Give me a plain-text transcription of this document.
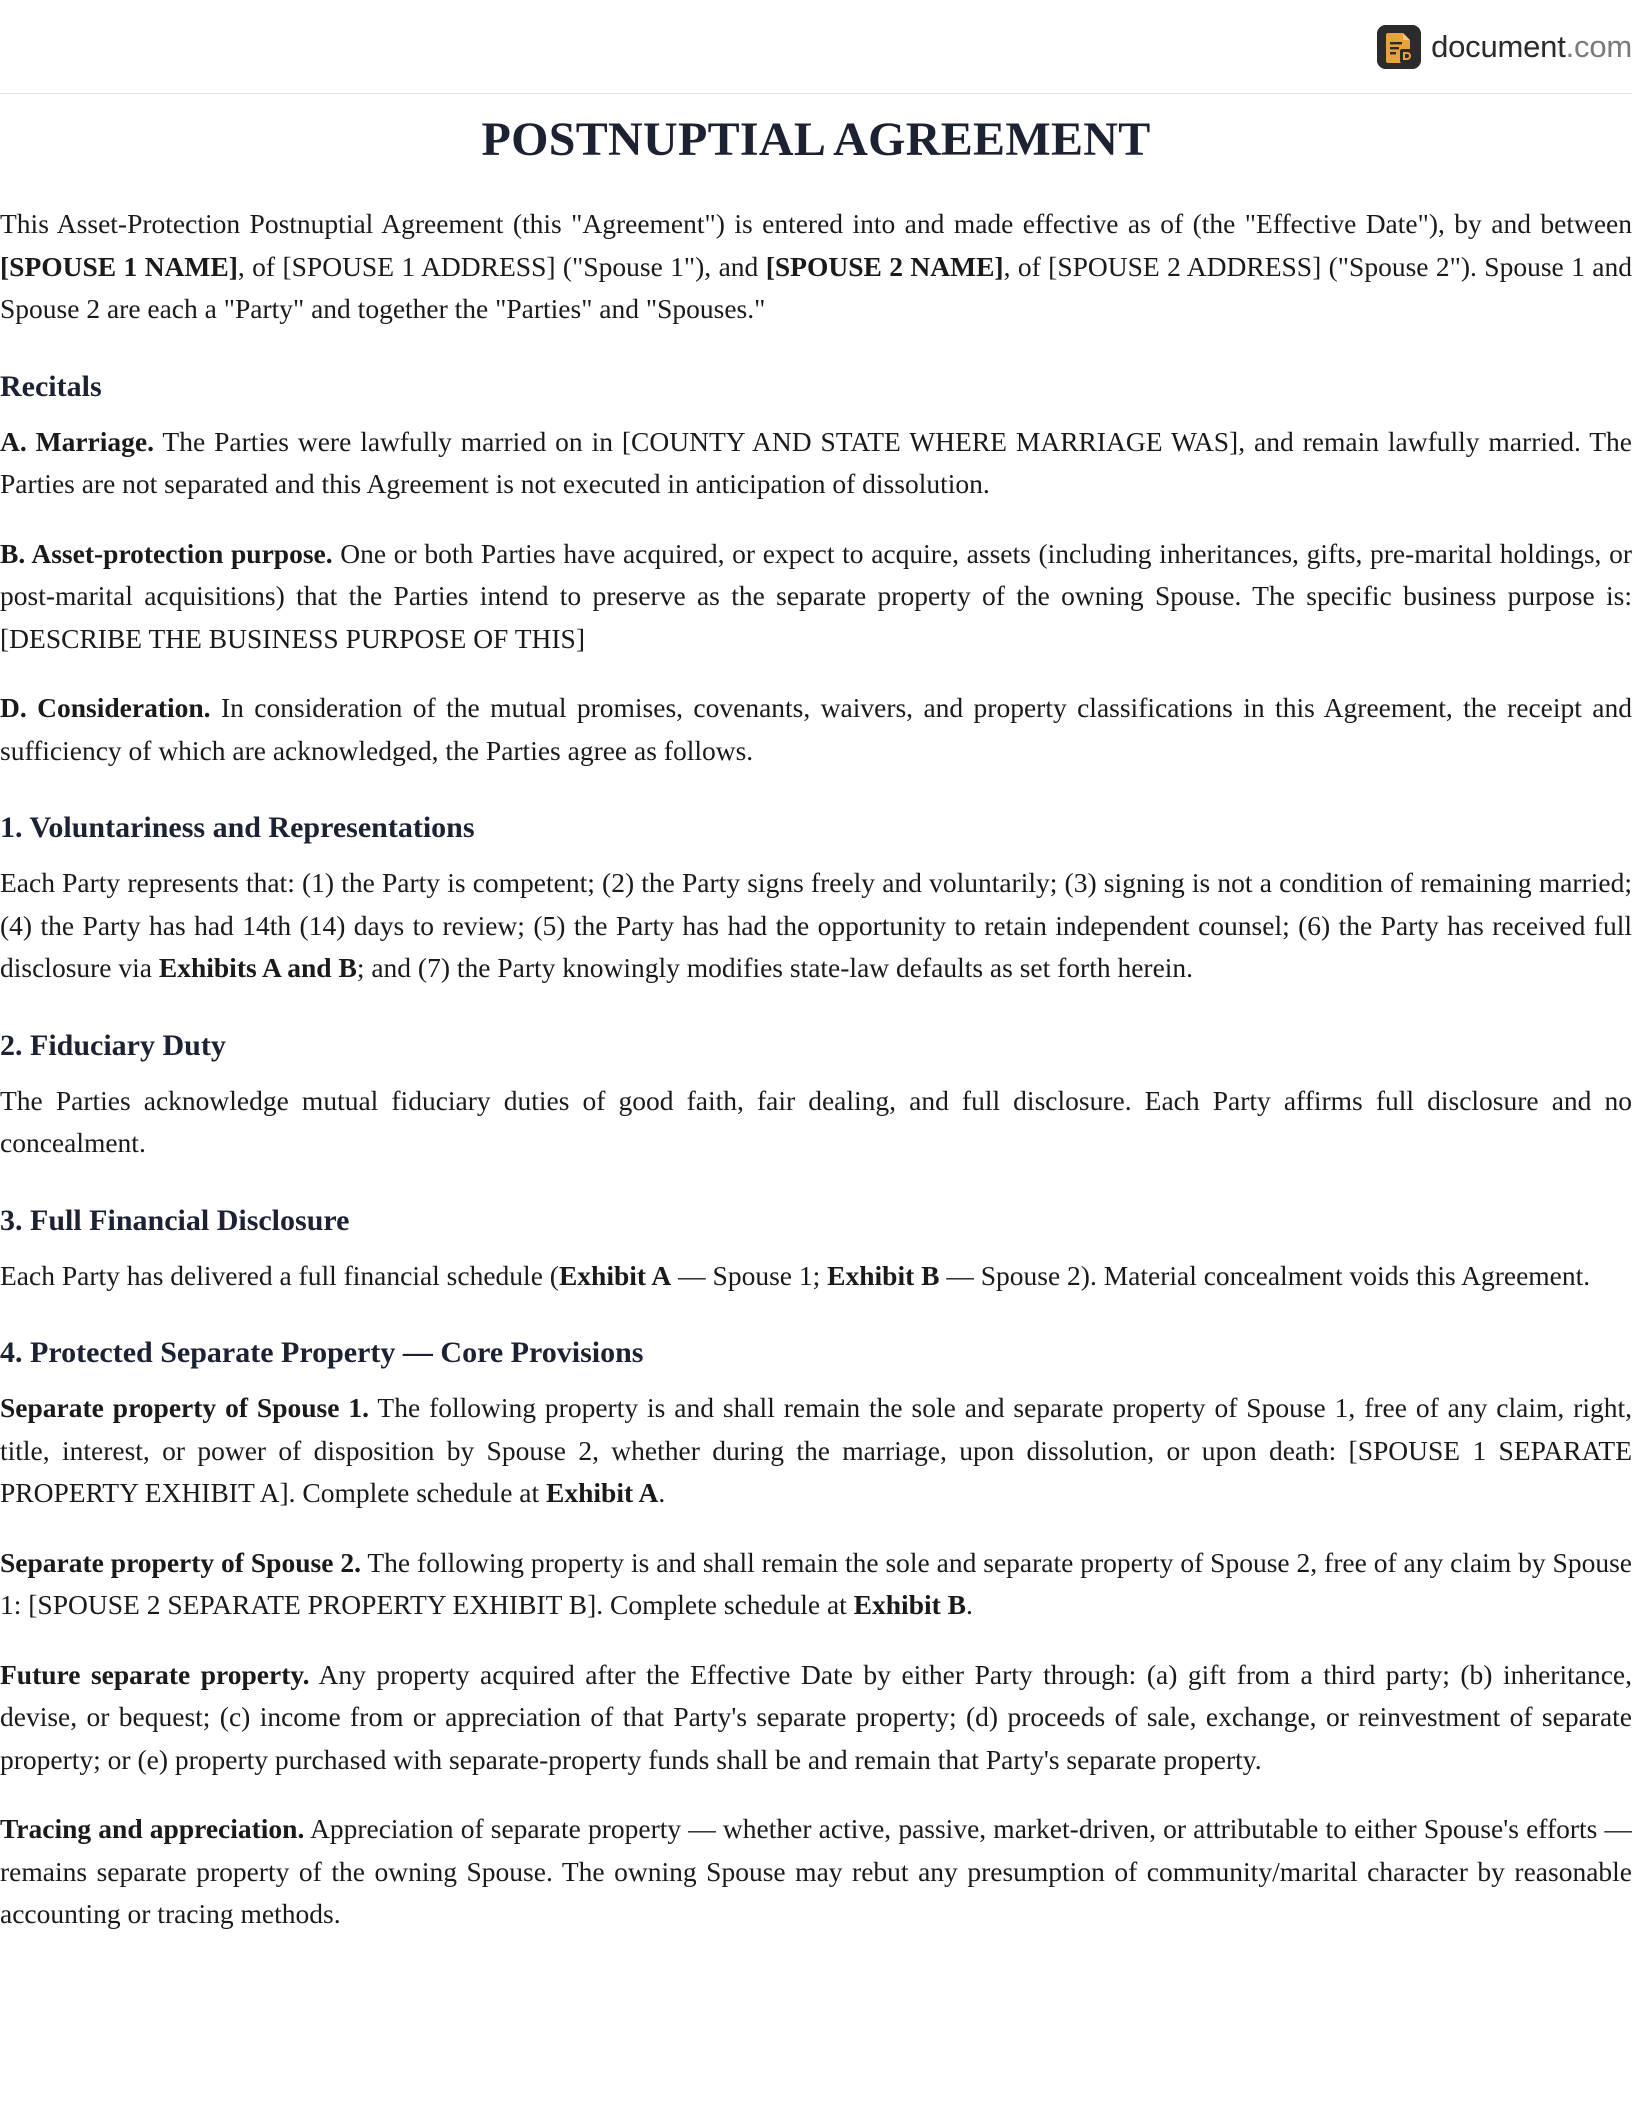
document.com
POSTNUPTIAL AGREEMENT

This Asset-Protection Postnuptial Agreement (this "Agreement") is entered into and made effective as of (the "Effective Date"), by and between [SPOUSE 1 NAME], of [SPOUSE 1 ADDRESS] ("Spouse 1"), and [SPOUSE 2 NAME], of [SPOUSE 2 ADDRESS] ("Spouse 2"). Spouse 1 and Spouse 2 are each a "Party" and together the "Parties" and "Spouses."

Recitals

A. Marriage. The Parties were lawfully married on in [COUNTY AND STATE WHERE MARRIAGE WAS], and remain lawfully married. The Parties are not separated and this Agreement is not executed in anticipation of dissolution.

B. Asset-protection purpose. One or both Parties have acquired, or expect to acquire, assets (including inheritances, gifts, pre-marital holdings, or post-marital acquisitions) that the Parties intend to preserve as the separate property of the owning Spouse. The specific business purpose is: [DESCRIBE THE BUSINESS PURPOSE OF THIS]

D. Consideration. In consideration of the mutual promises, covenants, waivers, and property classifications in this Agreement, the receipt and sufficiency of which are acknowledged, the Parties agree as follows.

1. Voluntariness and Representations

Each Party represents that: (1) the Party is competent; (2) the Party signs freely and voluntarily; (3) signing is not a condition of remaining married; (4) the Party has had 14th (14) days to review; (5) the Party has had the opportunity to retain independent counsel; (6) the Party has received full disclosure via Exhibits A and B; and (7) the Party knowingly modifies state-law defaults as set forth herein.

2. Fiduciary Duty

The Parties acknowledge mutual fiduciary duties of good faith, fair dealing, and full disclosure. Each Party affirms full disclosure and no concealment.

3. Full Financial Disclosure

Each Party has delivered a full financial schedule (Exhibit A — Spouse 1; Exhibit B — Spouse 2). Material concealment voids this Agreement.

4. Protected Separate Property — Core Provisions

Separate property of Spouse 1. The following property is and shall remain the sole and separate property of Spouse 1, free of any claim, right, title, interest, or power of disposition by Spouse 2, whether during the marriage, upon dissolution, or upon death: [SPOUSE 1 SEPARATE PROPERTY EXHIBIT A]. Complete schedule at Exhibit A.

Separate property of Spouse 2. The following property is and shall remain the sole and separate property of Spouse 2, free of any claim by Spouse 1: [SPOUSE 2 SEPARATE PROPERTY EXHIBIT B]. Complete schedule at Exhibit B.

Future separate property. Any property acquired after the Effective Date by either Party through: (a) gift from a third party; (b) inheritance, devise, or bequest; (c) income from or appreciation of that Party's separate property; (d) proceeds of sale, exchange, or reinvestment of separate property; or (e) property purchased with separate-property funds shall be and remain that Party's separate property.

Tracing and appreciation. Appreciation of separate property — whether active, passive, market-driven, or attributable to either Spouse's efforts — remains separate property of the owning Spouse. The owning Spouse may rebut any presumption of community/marital character by reasonable accounting or tracing methods.
